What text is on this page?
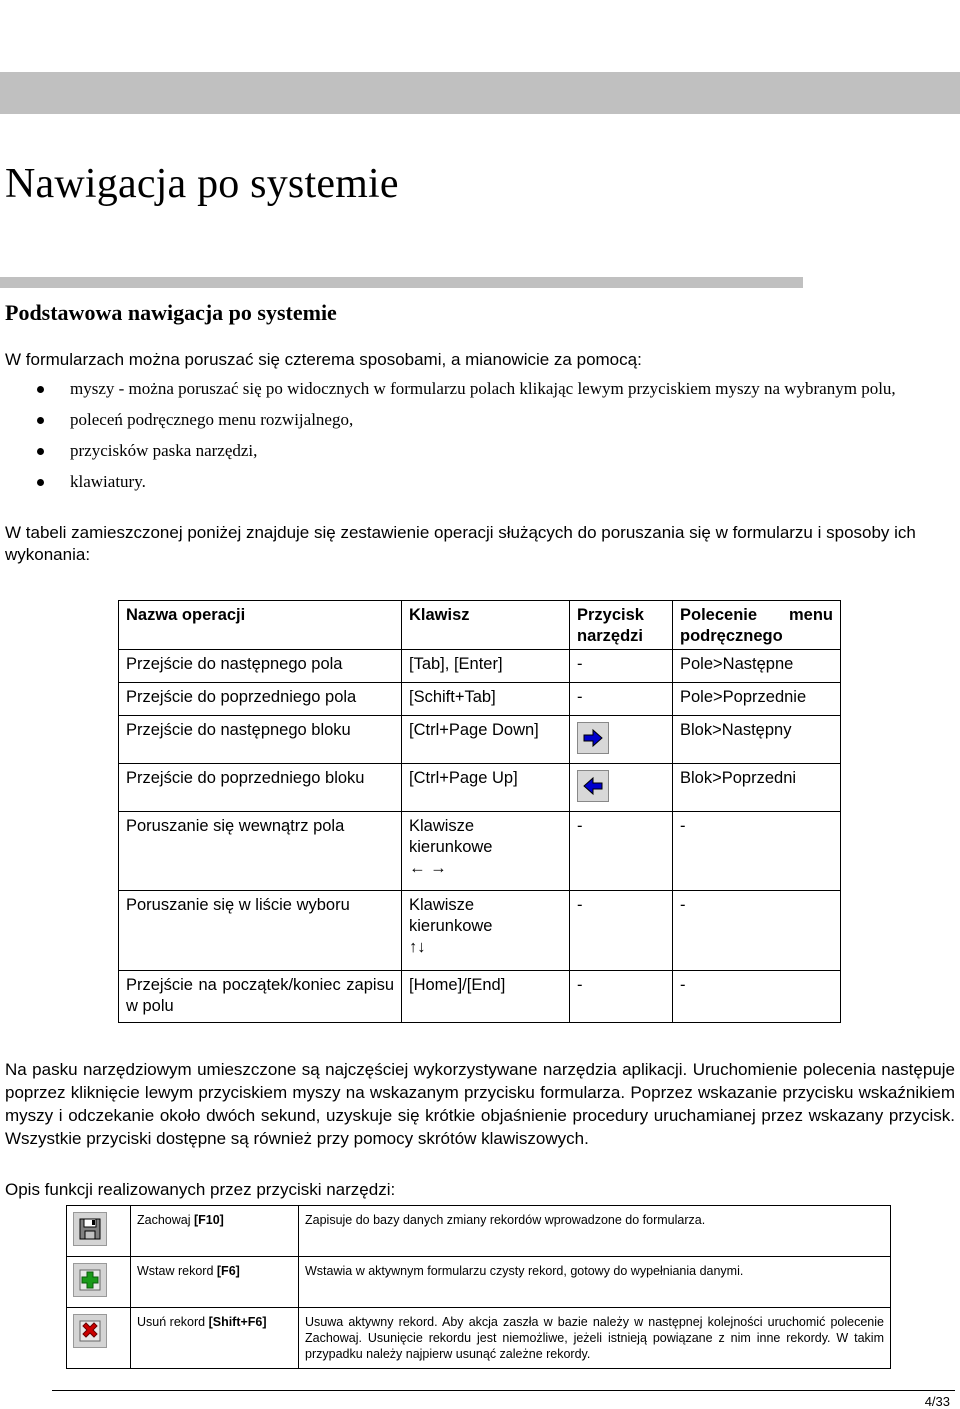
Nawigacja po systemie
Podstawowa nawigacja po systemie
W formularzach można poruszać się czterema sposobami, a mianowicie za pomocą:
myszy - można poruszać się po widocznych w formularzu polach klikając lewym przyciskiem myszy na wybranym polu,
poleceń podręcznego menu rozwijalnego,
przycisków paska narzędzi,
klawiatury.
W tabeli zamieszczonej poniżej znajduje się zestawienie operacji służących do poruszania się w formularzu i sposoby ich wykonania:
Nazwa operacji	Klawisz	Przycisk narzędzi	Polecenie menu podręcznego
Przejście do następnego pola	[Tab], [Enter]	-	Pole>Następne
Przejście do poprzedniego pola	[Schift+Tab]	-	Pole>Poprzednie
Przejście do następnego bloku	[Ctrl+Page Down]		Blok>Następny
Przejście do poprzedniego bloku	[Ctrl+Page Up]		Blok>Poprzedni
Poruszanie się wewnątrz pola	Klawisze kierunkowe
← →	-	-
Poruszanie się w liście wyboru	Klawisze kierunkowe
↑↓	-	-
Przejście na początek/koniec zapisu w polu	[Home]/[End]	-	-
Na pasku narzędziowym umieszczone są najczęściej wykorzystywane narzędzia aplikacji. Uruchomienie polecenia następuje poprzez kliknięcie lewym przyciskiem myszy na wskazanym przycisku formularza. Poprzez wskazanie przycisku wskaźnikiem myszy i odczekanie około dwóch sekund, uzyskuje się krótkie objaśnienie procedury uruchamianej przez wskazany przycisk. Wszystkie przyciski dostępne są również przy pomocy skrótów klawiszowych.
Opis funkcji realizowanych przez przyciski narzędzi:
	Zachowaj [F10]	Zapisuje do bazy danych zmiany rekordów wprowadzone do formularza.

	Wstaw rekord [F6]	Wstawia w aktywnym formularzu czysty rekord, gotowy do wypełniania danymi.

	Usuń rekord [Shift+F6]	Usuwa aktywny rekord. Aby akcja zaszła w bazie należy w następnej kolejności uruchomić polecenie Zachowaj. Usunięcie rekordu jest niemożliwe, jeżeli istnieją powiązane z nim inne rekordy. W takim przypadku należy najpierw usunąć zależne rekordy.
4/33
